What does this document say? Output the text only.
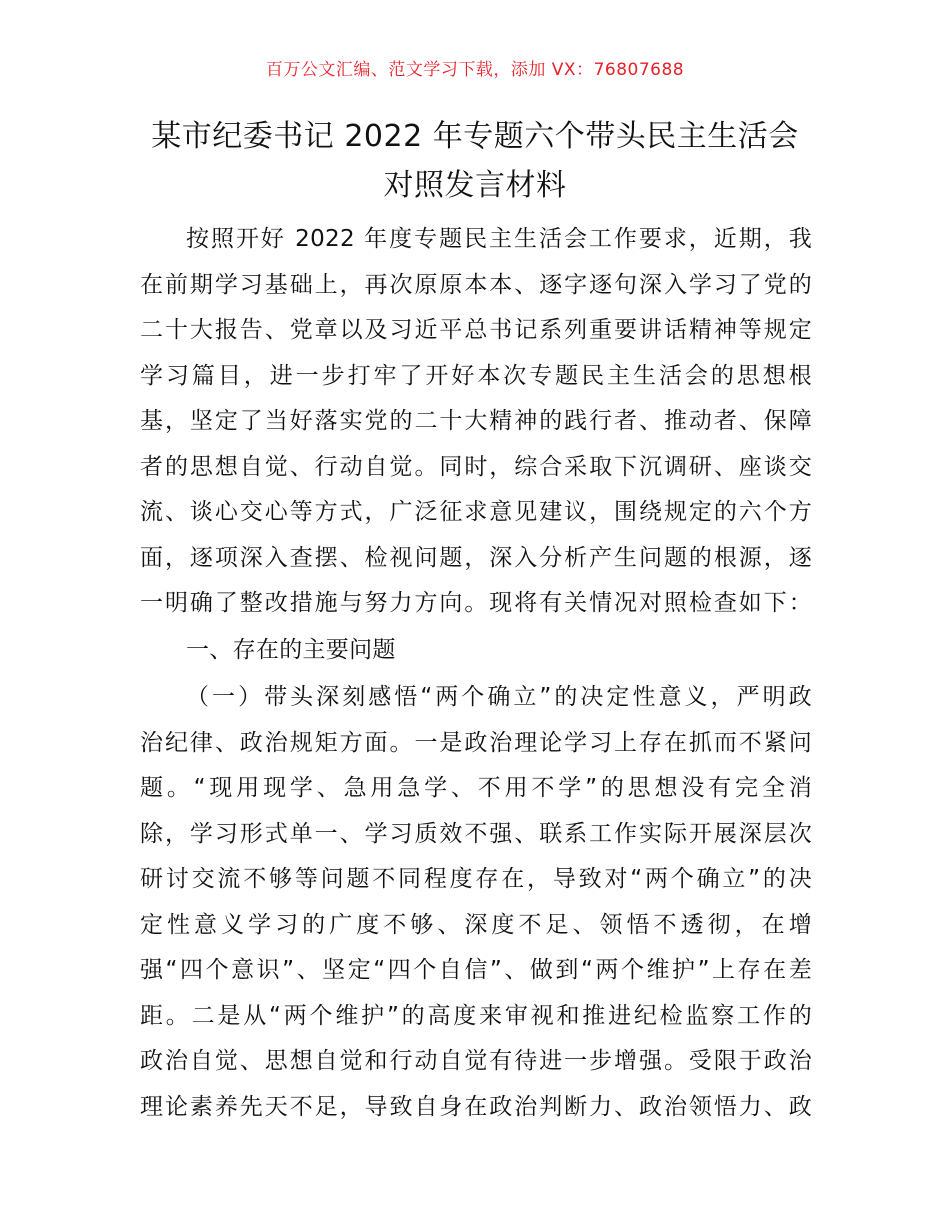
百万公文汇编、范文学习下载，添加 VX：76807688
某市纪委书记 2022 年专题六个带头民主生活会
对照发言材料
按照开好 2022 年度专题民主生活会工作要求，近期，我
在前期学习基础上，再次原原本本、逐字逐句深入学习了党的
二十大报告、党章以及习近平总书记系列重要讲话精神等规定
学习篇目，进一步打牢了开好本次专题民主生活会的思想根
基，坚定了当好落实党的二十大精神的践行者、推动者、保障
者的思想自觉、行动自觉。同时，综合采取下沉调研、座谈交
流、谈心交心等方式，广泛征求意见建议，围绕规定的六个方
面，逐项深入查摆、检视问题，深入分析产生问题的根源，逐
一明确了整改措施与努力方向。现将有关情况对照检查如下：
一、存在的主要问题
（一）带头深刻感悟“两个确立”的决定性意义，严明政
治纪律、政治规矩方面。一是政治理论学习上存在抓而不紧问
题。“现用现学、急用急学、不用不学”的思想没有完全消
除，学习形式单一、学习质效不强、联系工作实际开展深层次
研讨交流不够等问题不同程度存在，导致对“两个确立”的决
定性意义学习的广度不够、深度不足、领悟不透彻，在增
强“四个意识”、坚定“四个自信”、做到“两个维护”上存在差
距。二是从“两个维护”的高度来审视和推进纪检监察工作的
政治自觉、思想自觉和行动自觉有待进一步增强。受限于政治
理论素养先天不足，导致自身在政治判断力、政治领悟力、政
